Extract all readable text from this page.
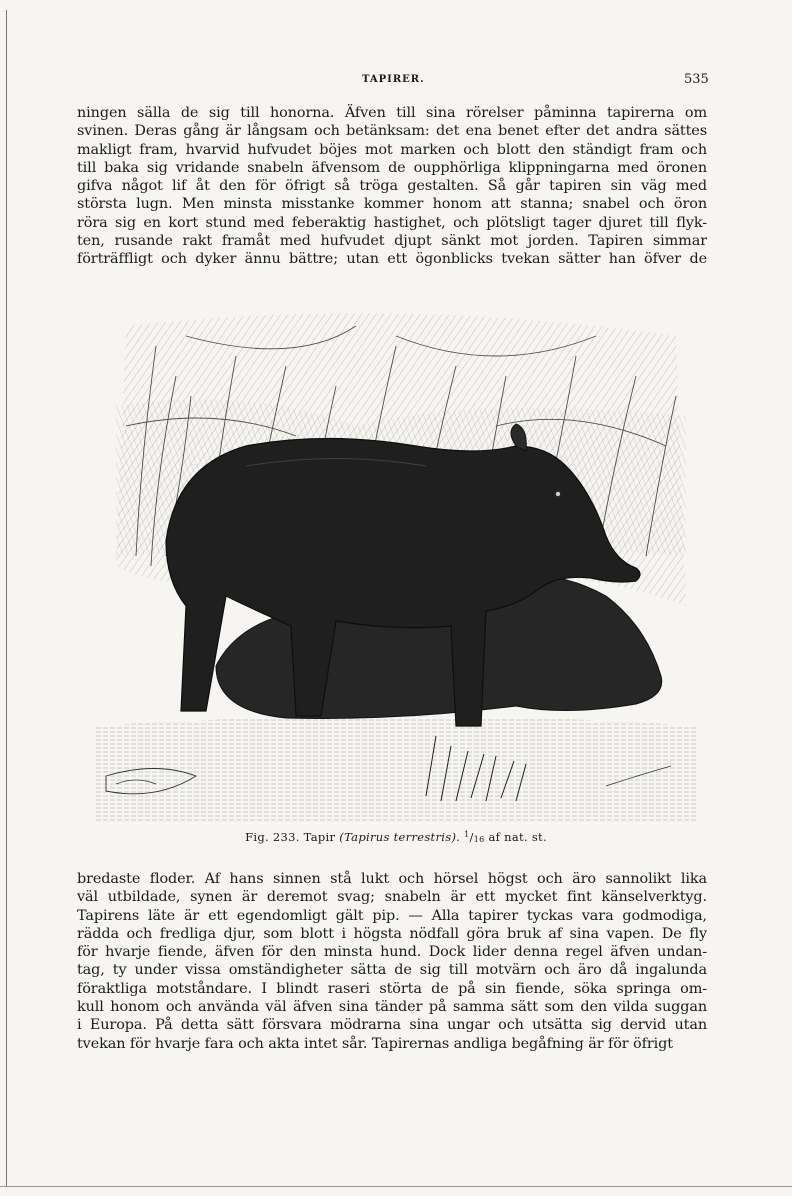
TAPIRER.	535
ningen sälla de sig till honorna. Äfven till sina rörelser påminna tapirerna om
svinen. Deras gång är långsam och betänksam: det ena benet efter det andra sättes
makligt fram, hvarvid hufvudet böjes mot marken och blott den ständigt fram och
till baka sig vridande snabeln äfvensom de oupphörliga klippningarna med öronen
gifva något lif åt den för öfrigt så tröga gestalten. Så går tapiren sin väg med
största lugn. Men minsta misstanke kommer honom att stanna; snabel och öron
röra sig en kort stund med feberaktig hastighet, och plötsligt tager djuret till flyk-
ten, rusande rakt framåt med hufvudet djupt sänkt mot jorden. Tapiren simmar
förträffligt och dyker ännu bättre; utan ett ögonblicks tvekan sätter han öfver de
Fig. 233. Tapir (Tapirus terrestris). $^1$/16 af nat. st.
bredaste floder. Af hans sinnen stå lukt och hörsel högst och äro sannolikt lika
väl utbildade, synen är deremot svag; snabeln är ett mycket fint känselverktyg.
Tapirens läte är ett egendomligt gält pip. — Alla tapirer tyckas vara godmodiga,
rädda och fredliga djur, som blott i högsta nödfall göra bruk af sina vapen. De fly
för hvarje fiende, äfven för den minsta hund. Dock lider denna regel äfven undan-
tag, ty under vissa omständigheter sätta de sig till motvärn och äro då ingalunda
föraktliga motståndare. I blindt raseri störta de på sin fiende, söka springa om-
kull honom och använda väl äfven sina tänder på samma sätt som den vilda suggan
i Europa. På detta sätt försvara mödrarna sina ungar och utsätta sig dervid utan
tvekan för hvarje fara och akta intet sår. Tapirernas andliga begåfning är för öfrigt
